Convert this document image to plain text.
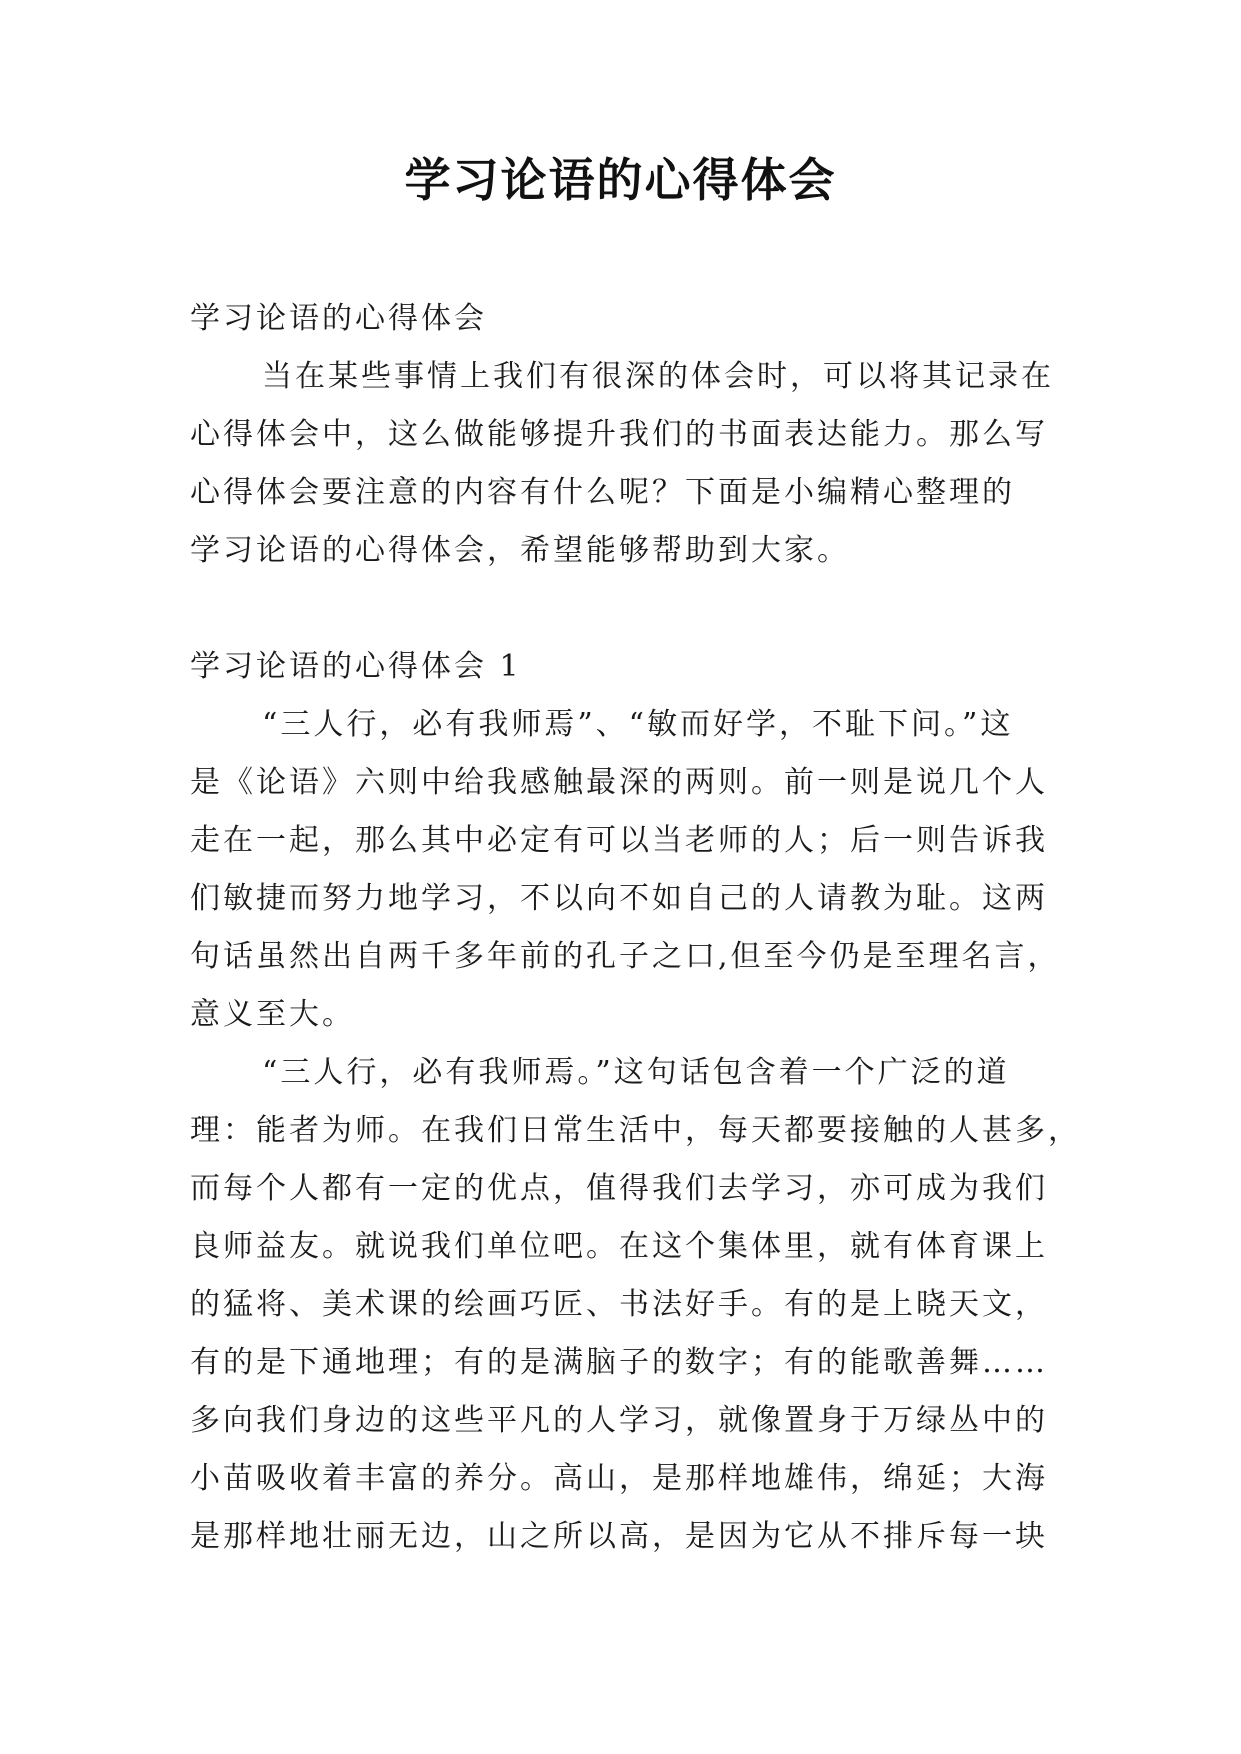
学习论语的心得体会

学习论语的心得体会

当在某些事情上我们有很深的体会时，可以将其记录在

心得体会中，这么做能够提升我们的书面表达能力。那么写

心得体会要注意的内容有什么呢？下面是小编精心整理的

学习论语的心得体会，希望能够帮助到大家。

学习论语的心得体会 1

“三人行，必有我师焉”、“敏而好学，不耻下问。”这

是《论语》六则中给我感触最深的两则。前一则是说几个人

走在一起，那么其中必定有可以当老师的人；后一则告诉我

们敏捷而努力地学习，不以向不如自己的人请教为耻。这两

句话虽然出自两千多年前的孔子之口,但至今仍是至理名言，

意义至大。

“三人行，必有我师焉。”这句话包含着一个广泛的道

理：能者为师。在我们日常生活中，每天都要接触的人甚多，

而每个人都有一定的优点，值得我们去学习，亦可成为我们

良师益友。就说我们单位吧。在这个集体里，就有体育课上

的猛将、美术课的绘画巧匠、书法好手。有的是上晓天文，

有的是下通地理；有的是满脑子的数字；有的能歌善舞……

多向我们身边的这些平凡的人学习，就像置身于万绿丛中的

小苗吸收着丰富的养分。高山，是那样地雄伟，绵延；大海

是那样地壮丽无边，山之所以高，是因为它从不排斥每一块
